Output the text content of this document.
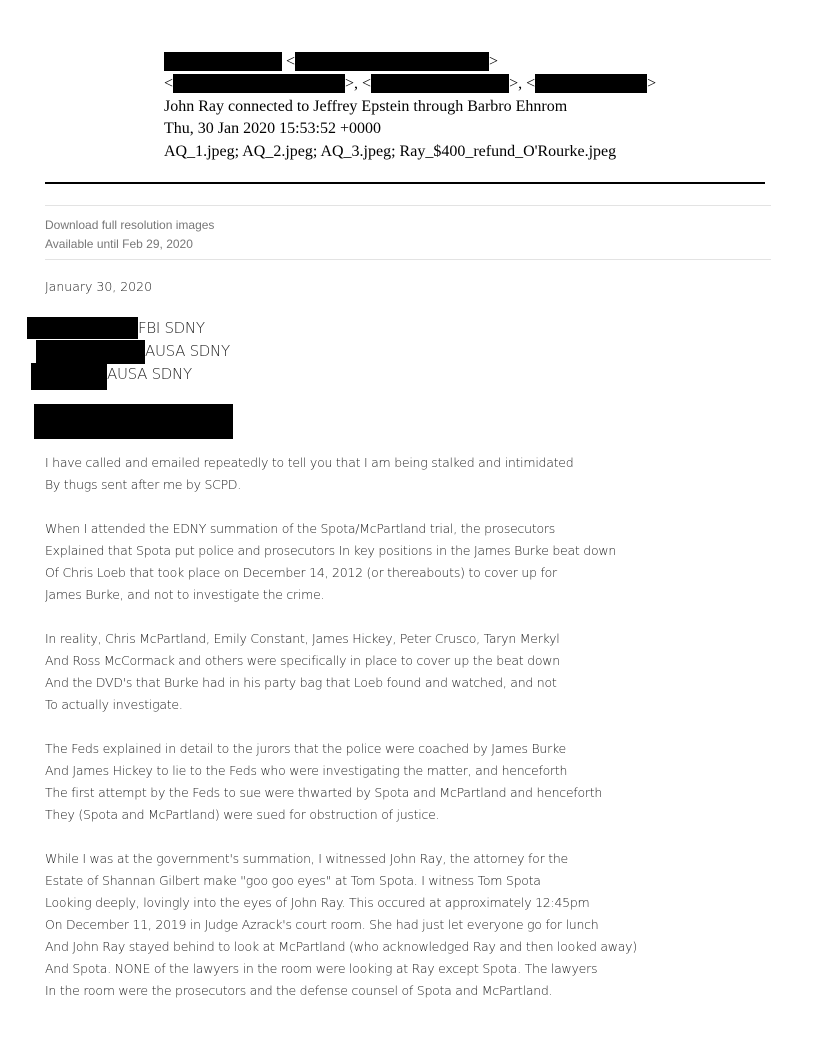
<	>
<	>, <	>, <	>
John Ray connected to Jeffrey Epstein through Barbro Ehnrom
Thu, 30 Jan 2020 15:53:52 +0000
AQ_1.jpeg; AQ_2.jpeg; AQ_3.jpeg; Ray_$400_refund_O'Rourke.jpeg
Download full resolution images
Available until Feb 29, 2020
January 30, 2020
FBI SDNY
AUSA SDNY
AUSA SDNY

I have called and emailed repeatedly to tell you that I am being stalked and intimidated
By thugs sent after me by SCPD.

When I attended the EDNY summation of the Spota/McPartland trial, the prosecutors
Explained that Spota put police and prosecutors In key positions in the James Burke beat down
Of Chris Loeb that took place on December 14, 2012 (or thereabouts) to cover up for
James Burke, and not to investigate the crime.

In reality, Chris McPartland, Emily Constant, James Hickey, Peter Crusco, Taryn Merkyl
And Ross McCormack and others were specifically in place to cover up the beat down
And the DVD's that Burke had in his party bag that Loeb found and watched, and not
To actually investigate.

The Feds explained in detail to the jurors that the police were coached by James Burke
And James Hickey to lie to the Feds who were investigating the matter, and henceforth
The first attempt by the Feds to sue were thwarted by Spota and McPartland and henceforth
They (Spota and McPartland) were sued for obstruction of justice.

While I was at the government's summation, I witnessed John Ray, the attorney for the
Estate of Shannan Gilbert make "goo goo eyes" at Tom Spota. I witness Tom Spota
Looking deeply, lovingly into the eyes of John Ray. This occured at approximately 12:45pm
On December 11, 2019 in Judge Azrack's court room. She had just let everyone go for lunch
And John Ray stayed behind to look at McPartland (who acknowledged Ray and then looked away)
And Spota. NONE of the lawyers in the room were looking at Ray except Spota. The lawyers
In the room were the prosecutors and the defense counsel of Spota and McPartland.
